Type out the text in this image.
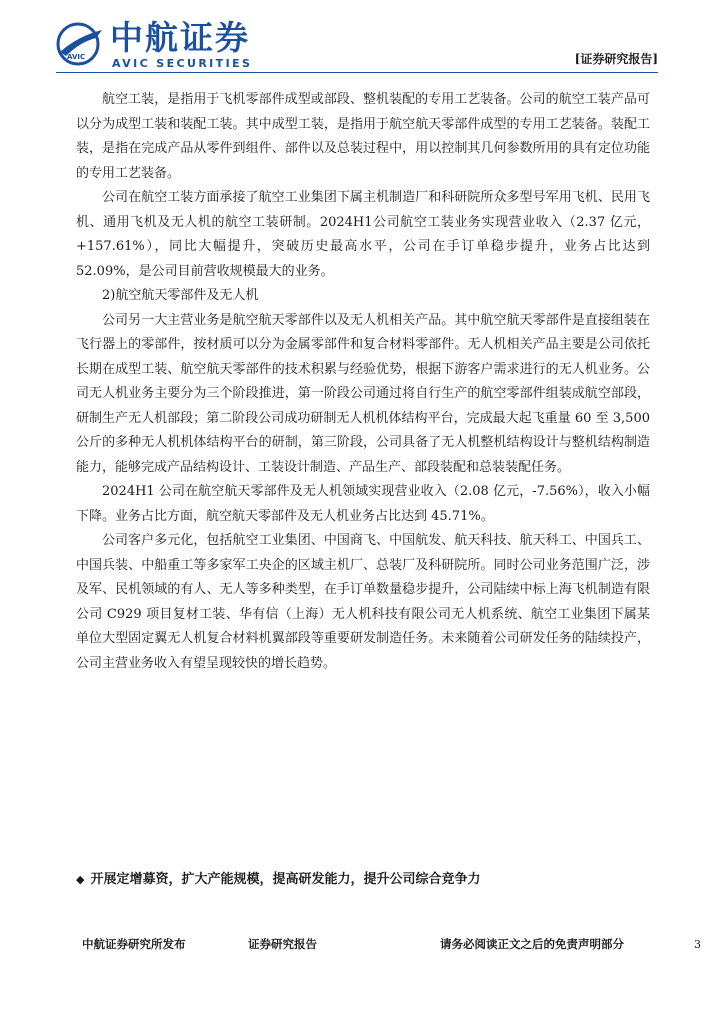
AVIC 中航证券
AVIC SECURITIES	[证券研究报告]

航空工装，是指用于飞机零部件成型或部段、整机装配的专用工艺装备。公司的航空工装产品可以分为成型工装和装配工装。其中成型工装，是指用于航空航天零部件成型的专用工艺装备。装配工装，是指在完成产品从零件到组件、部件以及总装过程中，用以控制其几何参数所用的具有定位功能的专用工艺装备。

公司在航空工装方面承接了航空工业集团下属主机制造厂和科研院所众多型号军用飞机、民用飞机、通用飞机及无人机的航空工装研制。2024H1公司航空工装业务实现营业收入（2.37 亿元，+157.61%），同比大幅提升，突破历史最高水平，公司在手订单稳步提升，业务占比达到 52.09%，是公司目前营收规模最大的业务。

2)航空航天零部件及无人机

公司另一大主营业务是航空航天零部件以及无人机相关产品。其中航空航天零部件是直接组装在飞行器上的零部件，按材质可以分为金属零部件和复合材料零部件。无人机相关产品主要是公司依托长期在成型工装、航空航天零部件的技术积累与经验优势，根据下游客户需求进行的无人机业务。公司无人机业务主要分为三个阶段推进，第一阶段公司通过将自行生产的航空零部件组装成航空部段，研制生产无人机部段；第二阶段公司成功研制无人机机体结构平台，完成最大起飞重量 60 至 3,500 公斤的多种无人机机体结构平台的研制，第三阶段，公司具备了无人机整机结构设计与整机结构制造能力，能够完成产品结构设计、工装设计制造、产品生产、部段装配和总装装配任务。

2024H1 公司在航空航天零部件及无人机领域实现营业收入（2.08 亿元，-7.56%），收入小幅下降。业务占比方面，航空航天零部件及无人机业务占比达到 45.71%。

公司客户多元化，包括航空工业集团、中国商飞、中国航发、航天科技、航天科工、中国兵工、中国兵装、中船重工等多家军工央企的区域主机厂、总装厂及科研院所。同时公司业务范围广泛，涉及军、民机领域的有人、无人等多种类型，在手订单数量稳步提升，公司陆续中标上海飞机制造有限公司 C929 项目复材工装、华有信（上海）无人机科技有限公司无人机系统、航空工业集团下属某单位大型固定翼无人机复合材料机翼部段等重要研发制造任务。未来随着公司研发任务的陆续投产，公司主营业务收入有望呈现较快的增长趋势。

◆ 开展定增募资，扩大产能规模，提高研发能力，提升公司综合竞争力
中航证券研究所发布	证券研究报告	请务必阅读正文之后的免责声明部分	3
